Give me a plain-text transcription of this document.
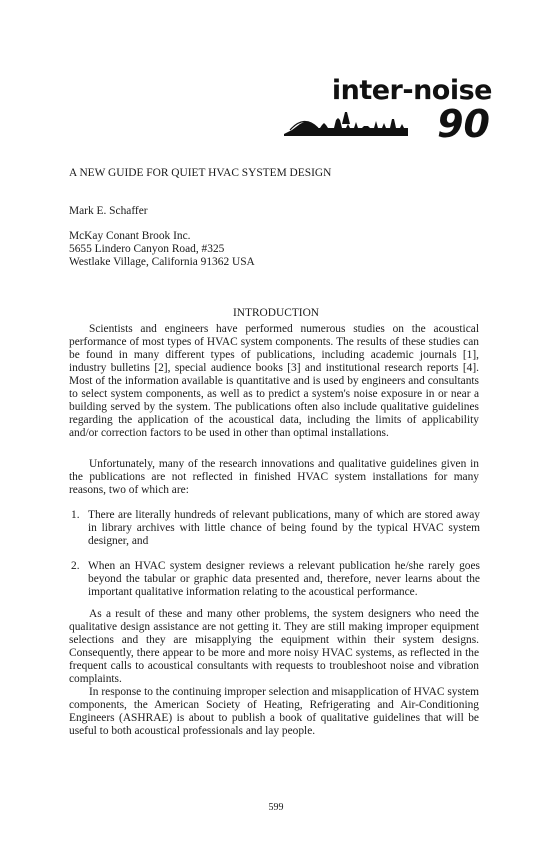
inter-noise
90

A NEW GUIDE FOR QUIET HVAC SYSTEM DESIGN

Mark E. Schaffer

McKay Conant Brook Inc.

5655 Lindero Canyon Road, #325

Westlake Village, California 91362 USA

INTRODUCTION

Scientists and engineers have performed numerous studies on the acoustical performance of most types of HVAC system components. The results of these studies can be found in many different types of publications, including academic journals [1], industry bulletins [2], special audience books [3] and institutional research reports [4]. Most of the information available is quantitative and is used by engineers and consultants to select system components, as well as to predict a system's noise exposure in or near a building served by the system. The publications often also include qualitative guidelines regarding the application of the acoustical data, including the limits of applicability and/or correction factors to be used in other than optimal installations.

Unfortunately, many of the research innovations and qualitative guidelines given in the publications are not reflected in finished HVAC system installations for many reasons, two of which are:

1. There are literally hundreds of relevant publications, many of which are stored away in library archives with little chance of being found by the typical HVAC system designer, and
2. When an HVAC system designer reviews a relevant publication he/she rarely goes beyond the tabular or graphic data presented and, therefore, never learns about the important qualitative information relating to the acoustical performance.

As a result of these and many other problems, the system designers who need the qualitative design assistance are not getting it. They are still making improper equipment selections and they are misapplying the equipment within their system designs. Consequently, there appear to be more and more noisy HVAC systems, as reflected in the frequent calls to acoustical consultants with requests to troubleshoot noise and vibration complaints.

In response to the continuing improper selection and misapplication of HVAC system components, the American Society of Heating, Refrigerating and Air-Conditioning Engineers (ASHRAE) is about to publish a book of qualitative guidelines that will be useful to both acoustical professionals and lay people.

599
